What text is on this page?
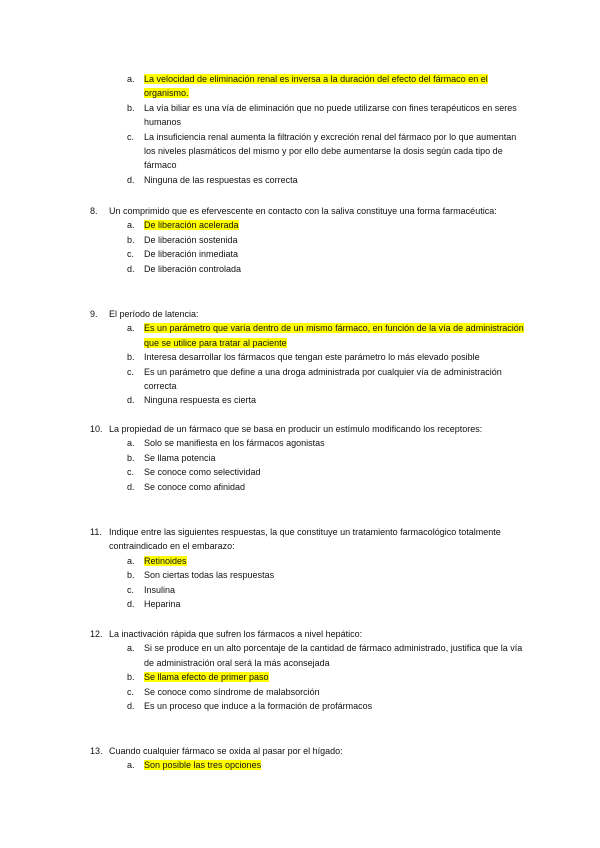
a. La velocidad de eliminación renal es inversa a la duración del efecto del fármaco en el organismo.
b. La vía biliar es una vía de eliminación que no puede utilizarse con fines terapéuticos en seres humanos
c. La insuficiencia renal aumenta la filtración y excreción renal del fármaco por lo que aumentan los niveles plasmáticos del mismo y por ello debe aumentarse la dosis según cada tipo de fármaco
d. Ninguna de las respuestas es correcta
8. Un comprimido que es efervescente en contacto con la saliva constituye una forma farmacéutica:
a. De liberación acelerada
b. De liberación sostenida
c. De liberación inmediata
d. De liberación controlada
9. El período de latencia:
a. Es un parámetro que varía dentro de un mismo fármaco, en función de la vía de administración que se utilice para tratar al paciente
b. Interesa desarrollar los fármacos que tengan este parámetro lo más elevado posible
c. Es un parámetro que define a una droga administrada por cualquier vía de administración correcta
d. Ninguna respuesta es cierta
10. La propiedad de un fármaco que se basa en producir un estímulo modificando los receptores:
a. Solo se manifiesta en los fármacos agonistas
b. Se llama potencia
c. Se conoce como selectividad
d. Se conoce como afinidad
11. Indique entre las siguientes respuestas, la que constituye un tratamiento farmacológico totalmente contraindicado en el embarazo:
a. Retinoides
b. Son ciertas todas las respuestas
c. Insulina
d. Heparina
12. La inactivación rápida que sufren los fármacos a nivel hepático:
a. Si se produce en un alto porcentaje de la cantidad de fármaco administrado, justifica que la vía de administración oral será la más aconsejada
b. Se llama efecto de primer paso
c. Se conoce como síndrome de malabsorción
d. Es un proceso que induce a la formación de profármacos
13. Cuando cualquier fármaco se oxida al pasar por el hígado:
a. Son posible las tres opciones
